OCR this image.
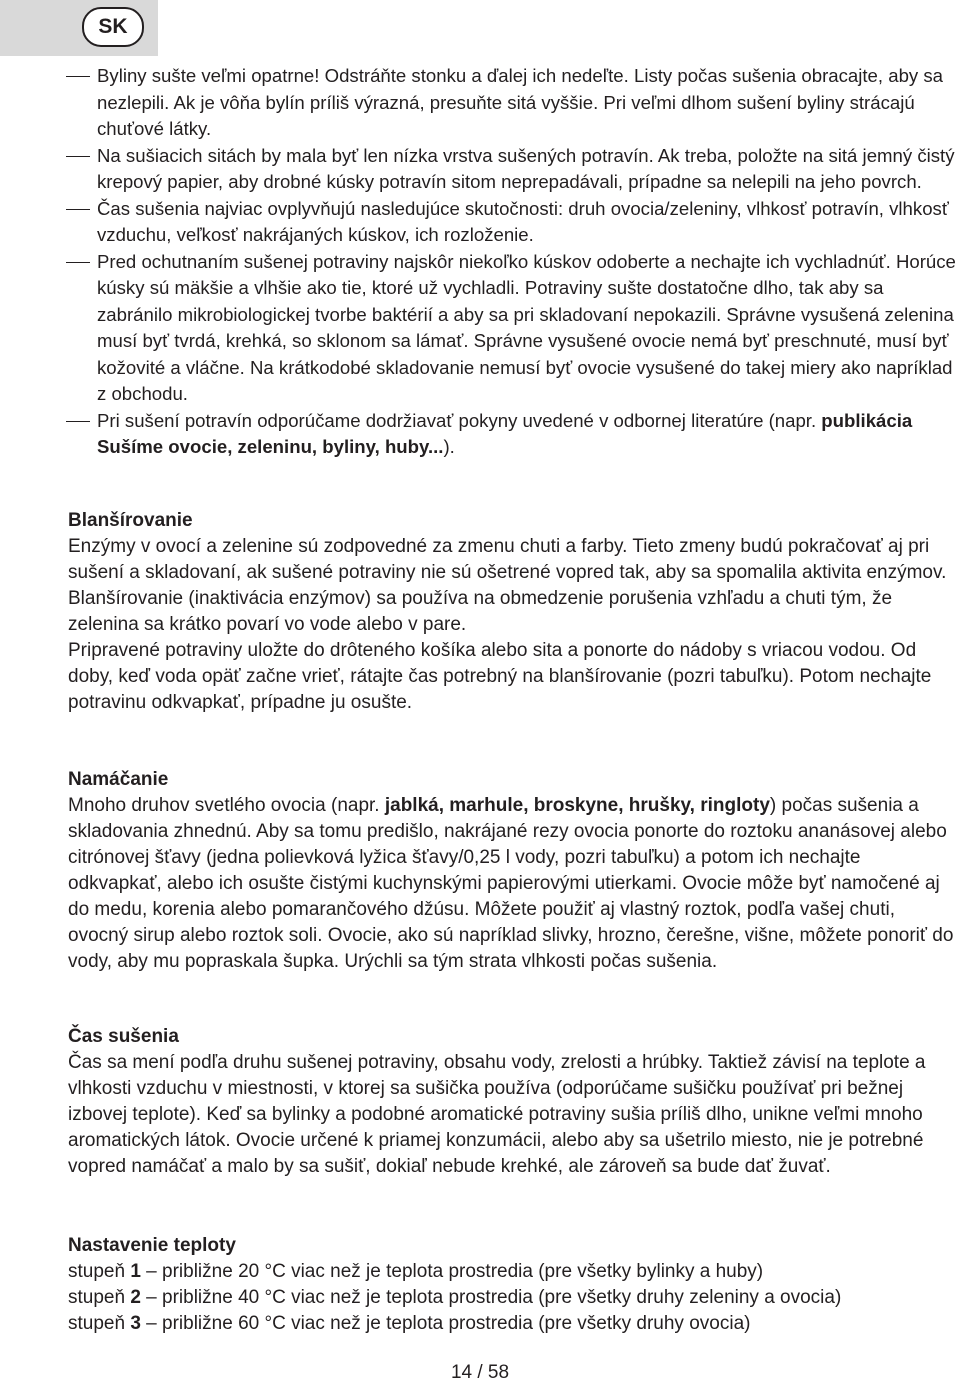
SK
Byliny sušte veľmi opatrne! Odstráňte stonku a ďalej ich nedeľte. Listy počas sušenia obracajte, aby sa nezlepili. Ak je vôňa bylín príliš výrazná, presuňte sitá vyššie. Pri veľmi dlhom sušení byliny strácajú chuťové látky.
Na sušiacich sitách by mala byť len nízka vrstva sušených potravín. Ak treba, položte na sitá jemný čistý krepový papier, aby drobné kúsky potravín sitom neprepadávali, prípadne sa nelepili na jeho povrch.
Čas sušenia najviac ovplyvňujú nasledujúce skutočnosti: druh ovocia/zeleniny, vlhkosť potravín, vlhkosť vzduchu, veľkosť nakrájaných kúskov, ich rozloženie.
Pred ochutnaním sušenej potraviny najskôr niekoľko kúskov odoberte a nechajte ich vychladnúť. Horúce kúsky sú mäkšie a vlhšie ako tie, ktoré už vychladli. Potraviny sušte dostatočne dlho, tak aby sa zabránilo mikrobiologickej tvorbe baktérií a aby sa pri skladovaní nepokazili. Správne vysušená zelenina musí byť tvrdá, krehká, so sklonom sa lámať. Správne vysušené ovocie nemá byť preschnuté, musí byť kožovité a vláčne. Na krátkodobé skladovanie nemusí byť ovocie vysušené do takej miery ako napríklad z obchodu.
Pri sušení potravín odporúčame dodržiavať pokyny uvedené v odbornej literatúre (napr. publikácia Sušíme ovocie, zeleninu, byliny, huby...).

Blanšírovanie

Enzýmy v ovocí a zelenine sú zodpovedné za zmenu chuti a farby. Tieto zmeny budú pokračovať aj pri sušení a skladovaní, ak sušené potraviny nie sú ošetrené vopred tak, aby sa spomalila aktivita enzýmov. Blanšírovanie (inaktivácia enzýmov) sa používa na obmedzenie porušenia vzhľadu a chuti tým, že zelenina sa krátko povarí vo vode alebo v pare.

Pripravené potraviny uložte do drôteného košíka alebo sita a ponorte do nádoby s vriacou vodou. Od doby, keď voda opäť začne vrieť, rátajte čas potrebný na blanšírovanie (pozri tabuľku). Potom nechajte potravinu odkvapkať, prípadne ju osušte.

Namáčanie

Mnoho druhov svetlého ovocia (napr. jablká, marhule, broskyne, hrušky, ringloty) počas sušenia a skladovania zhnednú. Aby sa tomu predišlo, nakrájané rezy ovocia ponorte do roztoku ananásovej alebo citrónovej šťavy (jedna polievková lyžica šťavy/0,25 l vody, pozri tabuľku) a potom ich nechajte odkvapkať, alebo ich osušte čistými kuchynskými papierovými utierkami. Ovocie môže byť namočené aj do medu, korenia alebo pomarančového džúsu. Môžete použiť aj vlastný roztok, podľa vašej chuti, ovocný sirup alebo roztok soli. Ovocie, ako sú napríklad slivky, hrozno, čerešne, višne, môžete ponoriť do vody, aby mu popraskala šupka. Urýchli sa tým strata vlhkosti počas sušenia.

Čas sušenia

Čas sa mení podľa druhu sušenej potraviny, obsahu vody, zrelosti a hrúbky. Taktiež závisí na teplote a vlhkosti vzduchu v miestnosti, v ktorej sa sušička používa (odporúčame sušičku používať pri bežnej izbovej teplote). Keď sa bylinky a podobné aromatické potraviny sušia príliš dlho, unikne veľmi mnoho aromatických látok. Ovocie určené k priamej konzumácii, alebo aby sa ušetrilo miesto, nie je potrebné vopred namáčať a malo by sa sušiť, dokiaľ nebude krehké, ale zároveň sa bude dať žuvať.

Nastavenie teploty

stupeň 1 – približne 20 °C viac než je teplota prostredia (pre všetky bylinky a huby)

stupeň 2 – približne 40 °C viac než je teplota prostredia (pre všetky druhy zeleniny a ovocia)

stupeň 3 – približne 60 °C viac než je teplota prostredia (pre všetky druhy ovocia)

14 / 58
